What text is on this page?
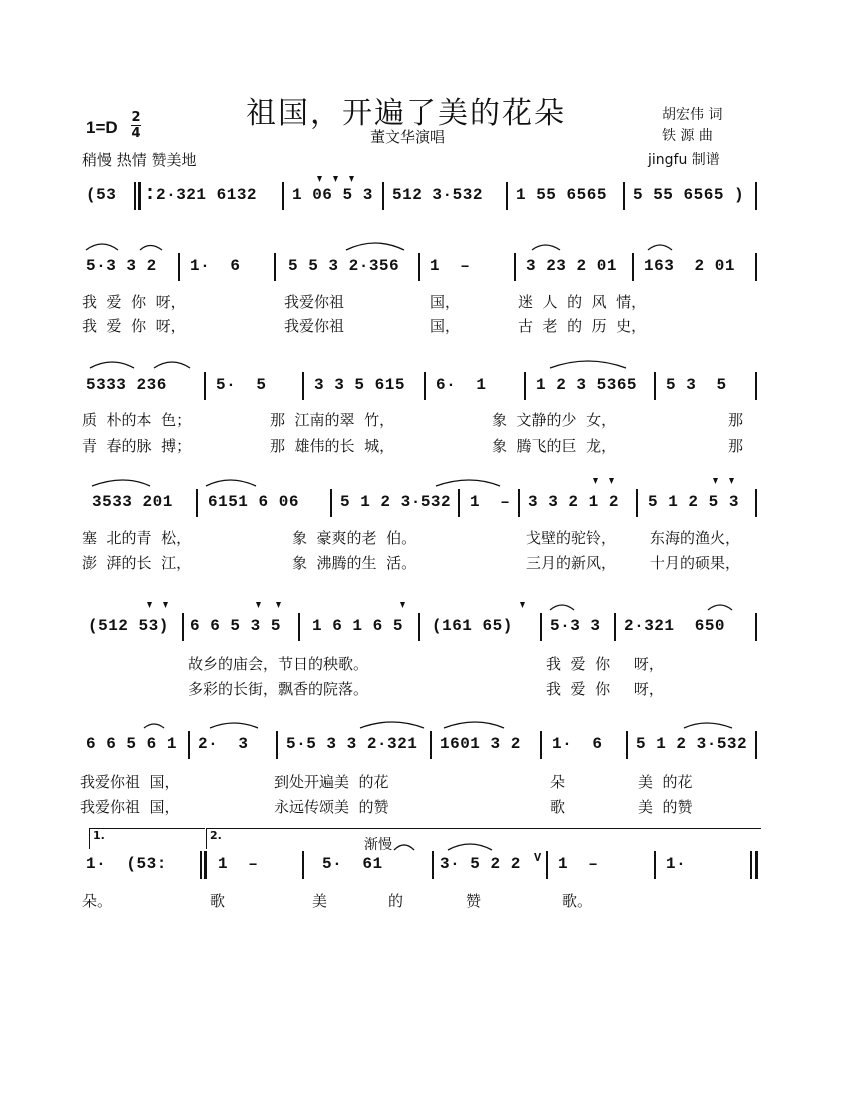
祖国，开遍了美的花朵
董文华演唱
1=D
2
4
稍慢 热情 赞美地
胡宏伟 词
铁 源 曲
jingfu 制谱

(53

:

2·321 6132

1 06 5 3

512 3·532

1 55 6565

5 55 6565 )

5·3 3 2

1·  6

	5 5 3 2·356

1  –

	3 23 2 01

163  2 01

我  爱  你  呀，

	我爱你祖

	国，

	迷  人  的  风  情，

我  爱  你  呀，

	我爱你祖

	国，

	古  老  的  历  史，

5333 236

	5·  5

	3 3 5 615

6·  1

	1 2 3 5365

5 3  5

质  朴的本  色；

	那  江南的翠  竹，

	象  文静的少  女，

	那

青  春的脉  搏；

	那  雄伟的长  城，

	象  腾飞的巨  龙，

	那

3533 201

6151 6 06

	5 1 2 3·532

1  –

3 3 2 1 2

5 1 2 5 3

塞  北的青  松，

	象  豪爽的老  伯。

	戈壁的驼铃，

东海的渔火，

澎  湃的长  江，

	象  沸腾的生  活。

	三月的新风，

十月的硕果，

(512 53)

6 6 5 3 5

1 6 1 6 5

(161 65)

5·3 3

2·321  650

故乡的庙会，节日的秧歌。

	我  爱  你     呀，

多彩的长街，飘香的院落。

	我  爱  你     呀，

6 6 5 6 1

2·  3

5·5 3 3 2·321

1601 3 2

1·  6

5 1 2 3·532

我爱你祖  国，

	到处开遍美  的花

	朵

	美  的花

我爱你祖  国，

	永远传颂美  的赞

	歌

	美  的赞

1.	2.
渐慢

1·  (53:

	1  –

	5·  61

	3· 5 2 2

V

1  –

	1·

朵。

	歌

	美

	的

	赞

	歌。
